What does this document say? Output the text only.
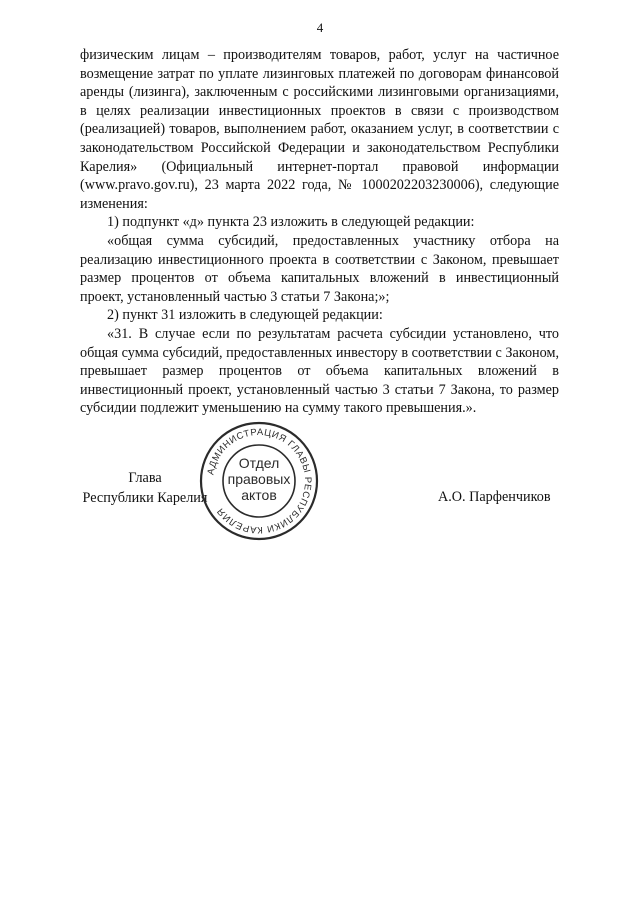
4

физическим лицам – производителям товаров, работ, услуг на частичное возмещение затрат по уплате лизинговых платежей по договорам финансовой аренды (лизинга), заключенным с российскими лизинговыми организациями, в целях реализации инвестиционных проектов в связи с производством (реализацией) товаров, выполнением работ, оказанием услуг, в соответствии с законодательством Российской Федерации и законодательством Республики Карелия» (Официальный интернет-портал правовой информации (www.pravo.gov.ru), 23 марта 2022 года, № 1000202203230006), следующие изменения:

1) подпункт «д» пункта 23 изложить в следующей редакции:

«общая сумма субсидий, предоставленных участнику отбора на реализацию инвестиционного проекта в соответствии с Законом, превышает размер процентов от объема капитальных вложений в инвестиционный проект, установленный частью 3 статьи 7 Закона;»;

2) пункт 31 изложить в следующей редакции:

«31. В случае если по результатам расчета субсидии установлено, что общая сумма субсидий, предоставленных инвестору в соответствии с Законом, превышает размер процентов от объема капитальных вложений в инвестиционный проект, установленный частью 3 статьи 7 Закона, то размер субсидии подлежит уменьшению на сумму такого превышения.».

Глава
Республики Карелия	А.О. Парфенчиков
АДМИНИСТРАЦИЯ ГЛАВЫ РЕСПУБЛИКИ КАРЕЛИЯ
Отдел
правовых
актов
